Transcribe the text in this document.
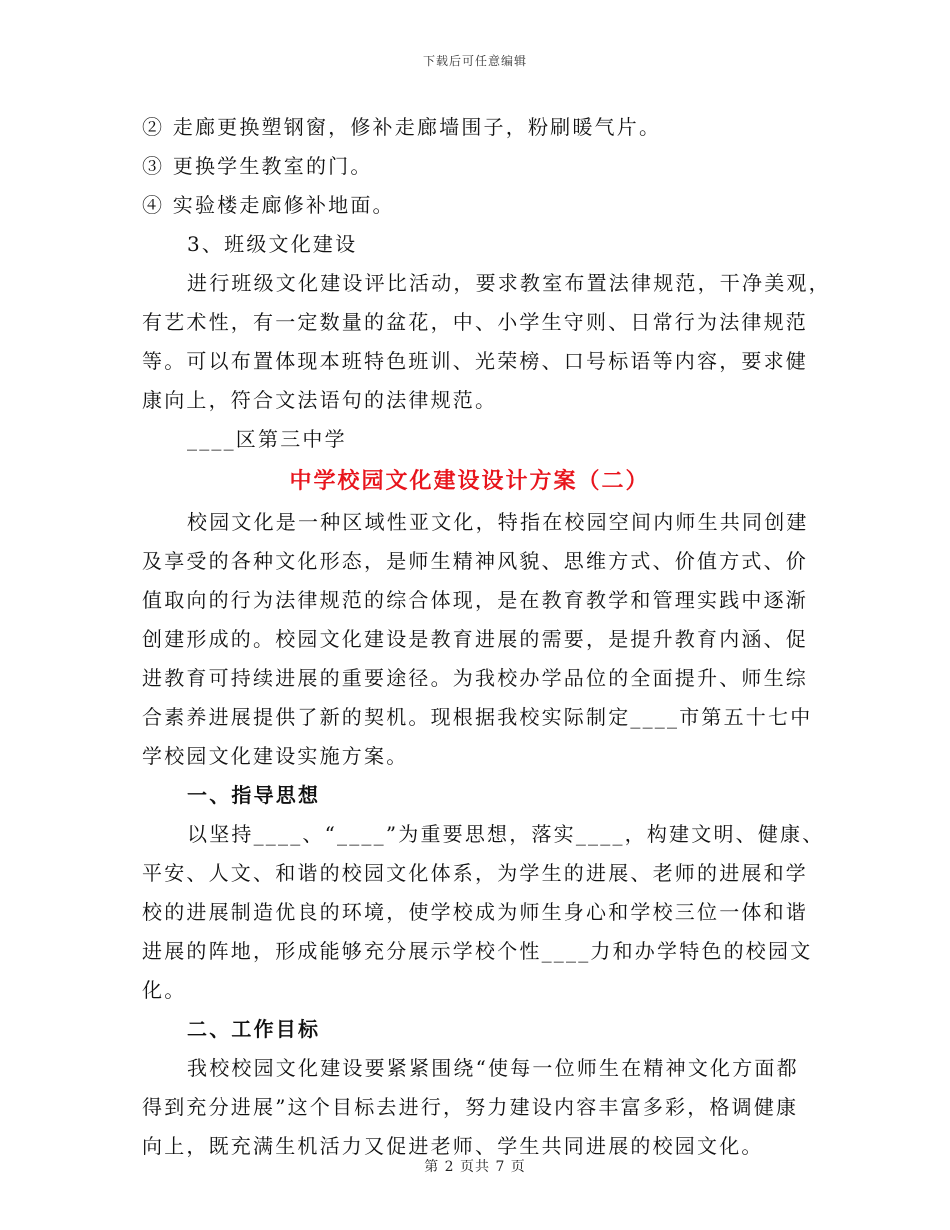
下载后可任意编辑
② 走廊更换塑钢窗，修补走廊墙围子，粉刷暖气片。
③ 更换学生教室的门。
④ 实验楼走廊修补地面。
3、班级文化建设
进行班级文化建设评比活动，要求教室布置法律规范，干净美观，
有艺术性，有一定数量的盆花，中、小学生守则、日常行为法律规范
等。可以布置体现本班特色班训、光荣榜、口号标语等内容，要求健
康向上，符合文法语句的法律规范。
____区第三中学
中学校园文化建设设计方案（二）
校园文化是一种区域性亚文化，特指在校园空间内师生共同创建
及享受的各种文化形态，是师生精神风貌、思维方式、价值方式、价
值取向的行为法律规范的综合体现，是在教育教学和管理实践中逐渐
创建形成的。校园文化建设是教育进展的需要，是提升教育内涵、促
进教育可持续进展的重要途径。为我校办学品位的全面提升、师生综
合素养进展提供了新的契机。现根据我校实际制定____市第五十七中
学校园文化建设实施方案。
一、指导思想
以坚持____、“____”为重要思想，落实____，构建文明、健康、
平安、人文、和谐的校园文化体系，为学生的进展、老师的进展和学
校的进展制造优良的环境，使学校成为师生身心和学校三位一体和谐
进展的阵地，形成能够充分展示学校个性____力和办学特色的校园文
化。
二、工作目标
我校校园文化建设要紧紧围绕“使每一位师生在精神文化方面都
得到充分进展”这个目标去进行，努力建设内容丰富多彩，格调健康
向上，既充满生机活力又促进老师、学生共同进展的校园文化。
第 2 页共 7 页
